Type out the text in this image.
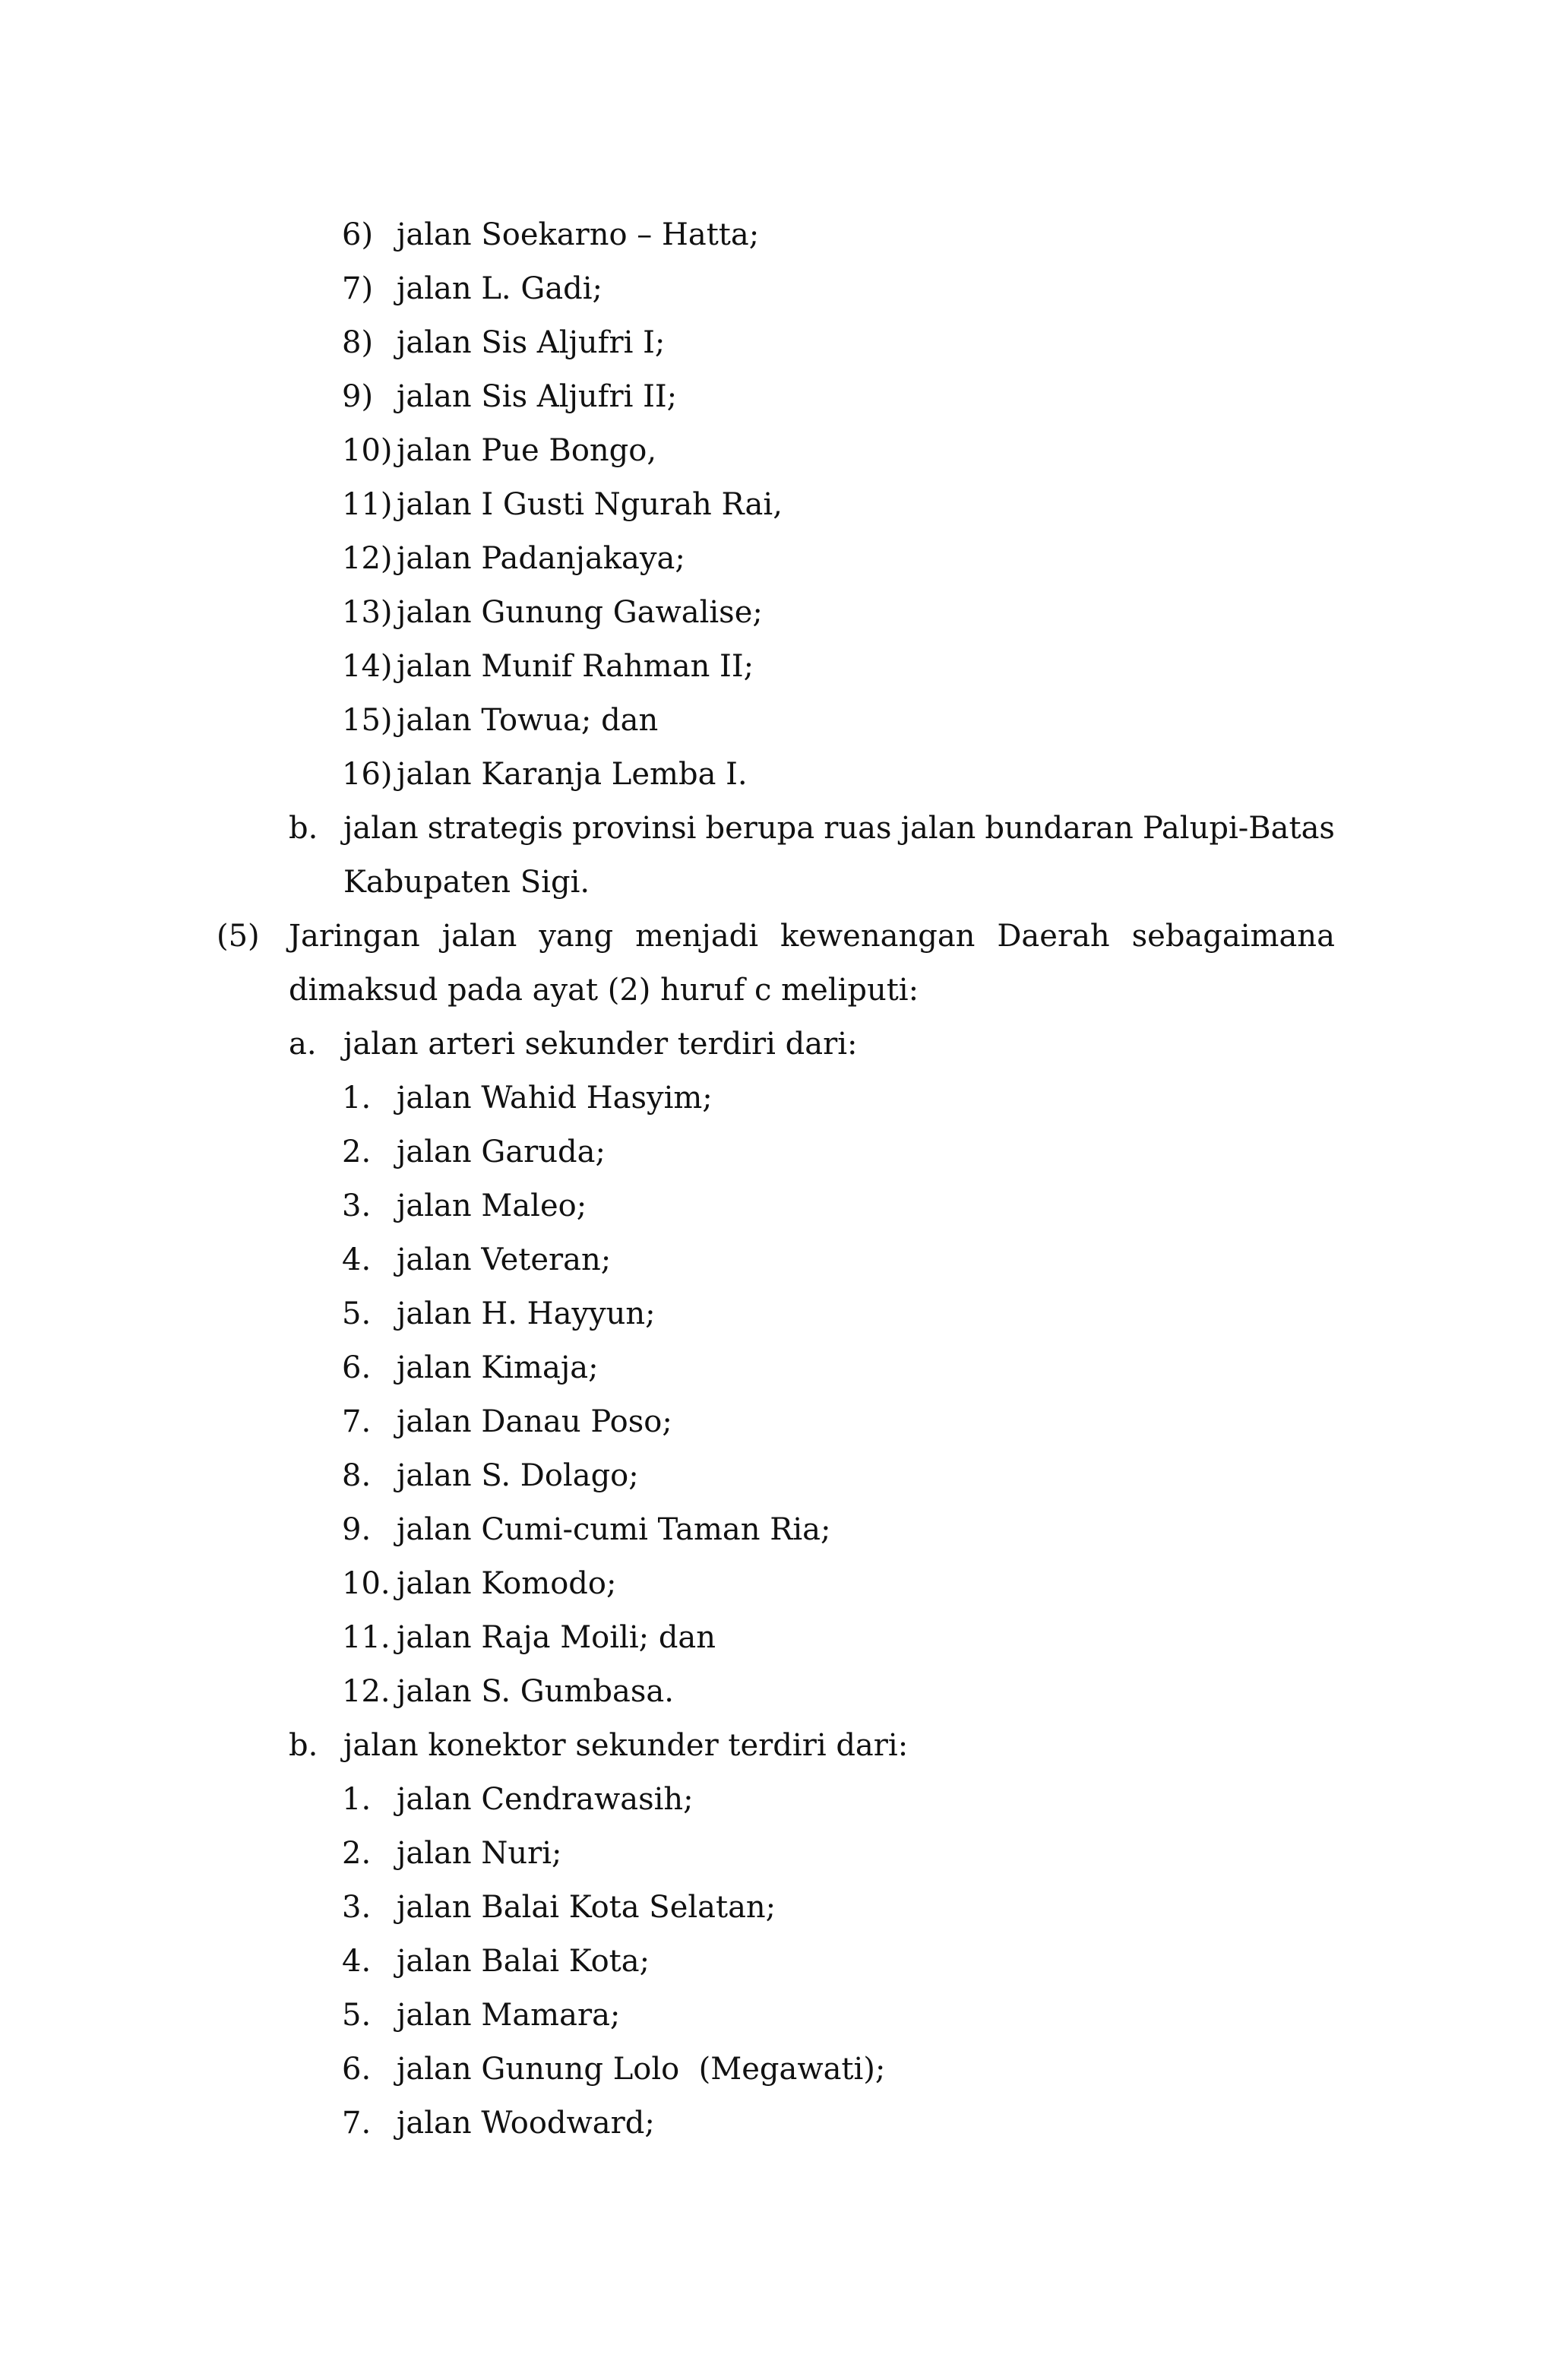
6) jalan Soekarno – Hatta;
7) jalan L. Gadi;
8) jalan Sis Aljufri I;
9) jalan Sis Aljufri II;
10) jalan Pue Bongo,
11) jalan I Gusti Ngurah Rai,
12) jalan Padanjakaya;
13) jalan Gunung Gawalise;
14) jalan Munif Rahman II;
15) jalan Towua; dan
16) jalan Karanja Lemba I.
b. jalan strategis provinsi berupa ruas jalan bundaran Palupi-Batas
Kabupaten Sigi.
(5) Jaringan jalan yang menjadi kewenangan Daerah sebagaimana
dimaksud pada ayat (2) huruf c meliputi:
a. jalan arteri sekunder terdiri dari:
1. jalan Wahid Hasyim;
2. jalan Garuda;
3. jalan Maleo;
4. jalan Veteran;
5. jalan H. Hayyun;
6. jalan Kimaja;
7. jalan Danau Poso;
8. jalan S. Dolago;
9. jalan Cumi-cumi Taman Ria;
10. jalan Komodo;
11. jalan Raja Moili; dan
12. jalan S. Gumbasa.
b. jalan konektor sekunder terdiri dari:
1. jalan Cendrawasih;
2. jalan Nuri;
3. jalan Balai Kota Selatan;
4. jalan Balai Kota;
5. jalan Mamara;
6. jalan Gunung Lolo  (Megawati);
7. jalan Woodward;
